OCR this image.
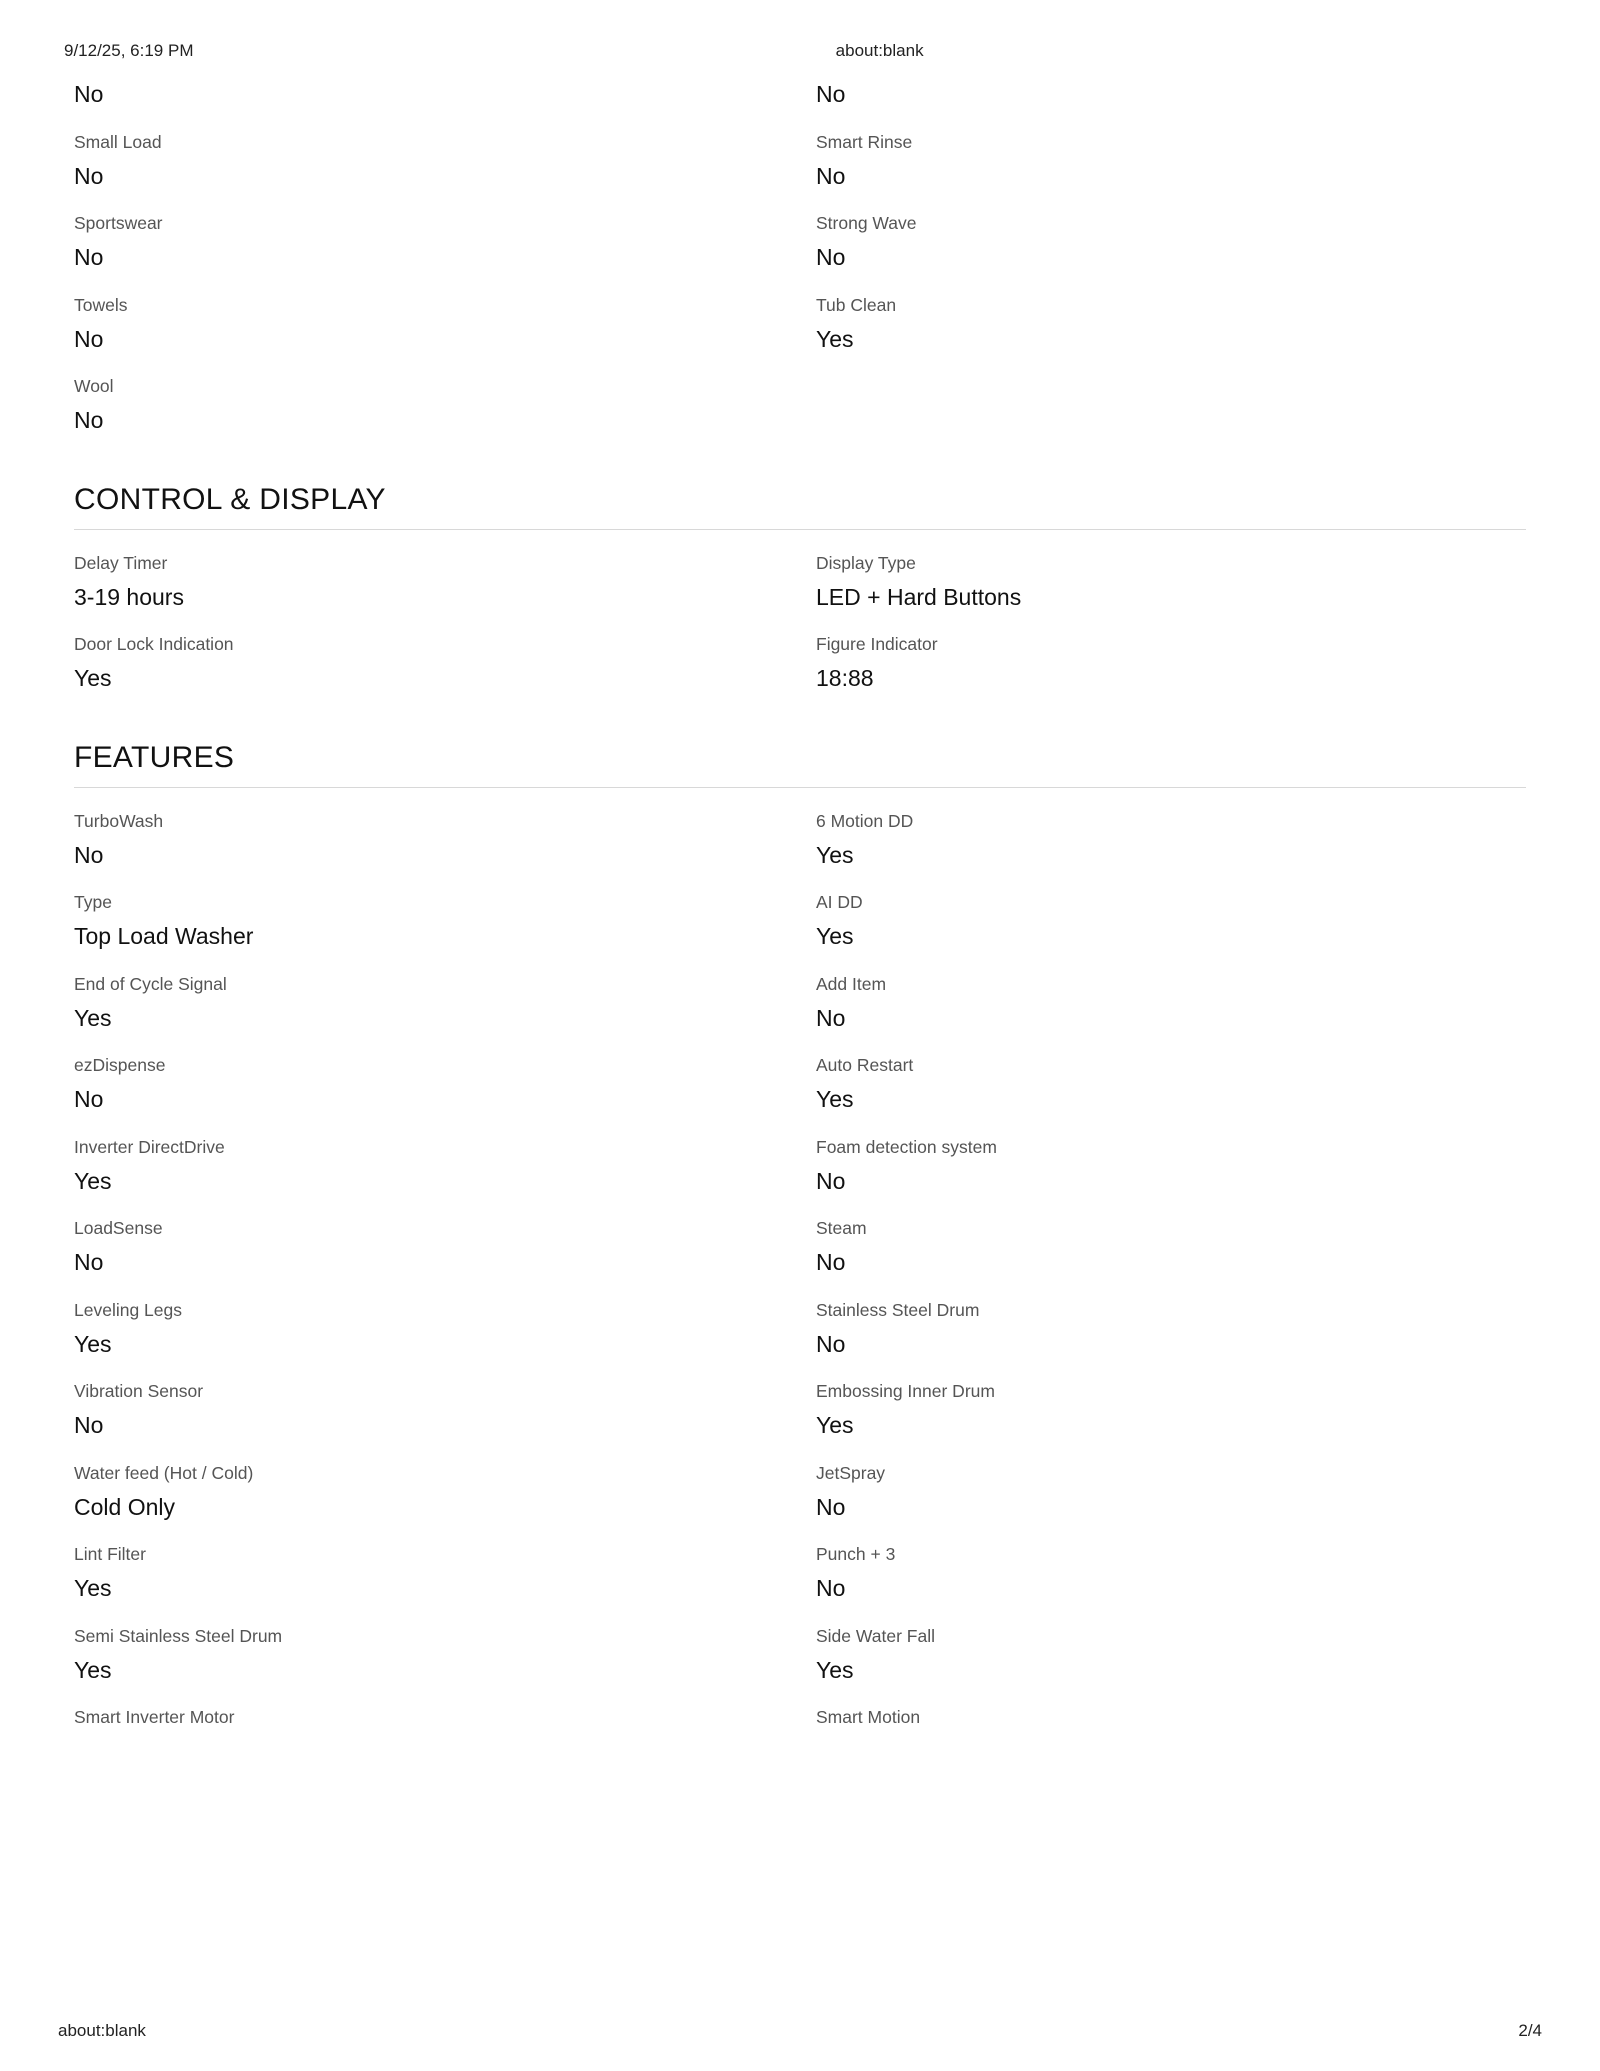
9/12/25, 6:19 PM	about:blank
No	No
Small Load
No
Smart Rinse
No
Sportswear
No
Strong Wave
No
Towels
No
Tub Clean
Yes
Wool
No
CONTROL & DISPLAY
Delay Timer
3-19 hours
Display Type
LED + Hard Buttons
Door Lock Indication
Yes
Figure Indicator
18:88
FEATURES
TurboWash
No
6 Motion DD
Yes
Type
Top Load Washer
AI DD
Yes
End of Cycle Signal
Yes
Add Item
No
ezDispense
No
Auto Restart
Yes
Inverter DirectDrive
Yes
Foam detection system
No
LoadSense
No
Steam
No
Leveling Legs
Yes
Stainless Steel Drum
No
Vibration Sensor
No
Embossing Inner Drum
Yes
Water feed (Hot / Cold)
Cold Only
JetSpray
No
Lint Filter
Yes
Punch + 3
No
Semi Stainless Steel Drum
Yes
Side Water Fall
Yes
Smart Inverter Motor	Smart Motion
about:blank	2/4
